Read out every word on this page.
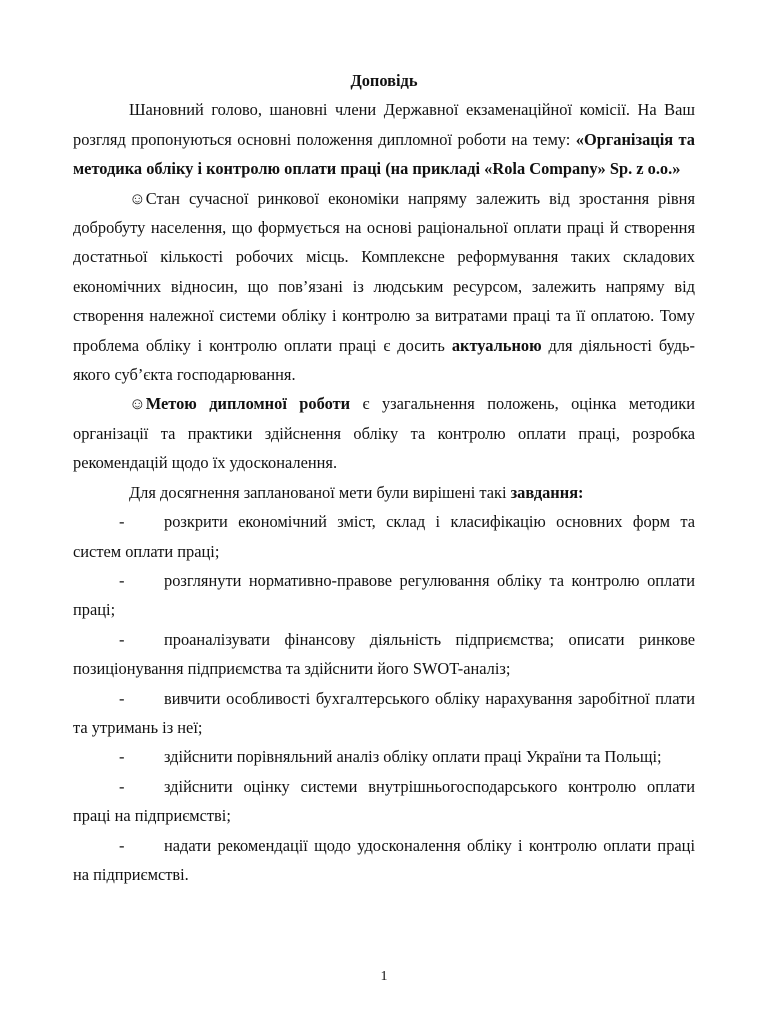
Доповідь

Шановний голово, шановні члени Державної екзаменаційної комісії. На Ваш розгляд пропонуються основні положення дипломної роботи на тему: «Організація та методика обліку і контролю оплати праці (на прикладі «Rola Company» Sp. z o.o.»

☺Стан сучасної ринкової економіки напряму залежить від зростання рівня добробуту населення, що формується на основі раціональної оплати праці й створення достатньої кількості робочих місць. Комплексне реформування таких складових економічних відносин, що пов’язані із людським ресурсом, залежить напряму від створення належної системи обліку і контролю за витратами праці та її оплатою. Тому проблема обліку і контролю оплати праці є досить актуальною для діяльності будь-якого суб’єкта господарювання.

☺Метою дипломної роботи є узагальнення положень, оцінка методики організації та практики здійснення обліку та контролю оплати праці, розробка рекомендацій щодо їх удосконалення.

Для досягнення запланованої мети були вирішені такі завдання:

-	розкрити економічний зміст, склад і класифікацію основних форм та систем оплати праці;
-	розглянути нормативно-правове регулювання обліку та контролю оплати праці;
-	проаналізувати фінансову діяльність підприємства; описати ринкове позиціонування підприємства та здійснити його SWOT-аналіз;
-	вивчити особливості бухгалтерського обліку нарахування заробітної плати та утримань із неї;
-	здійснити порівняльний аналіз обліку оплати праці України та Польщі;
-	здійснити оцінку системи внутрішньогосподарського контролю оплати праці на підприємстві;
-	надати рекомендації щодо удосконалення обліку і контролю оплати праці на підприємстві.
1
